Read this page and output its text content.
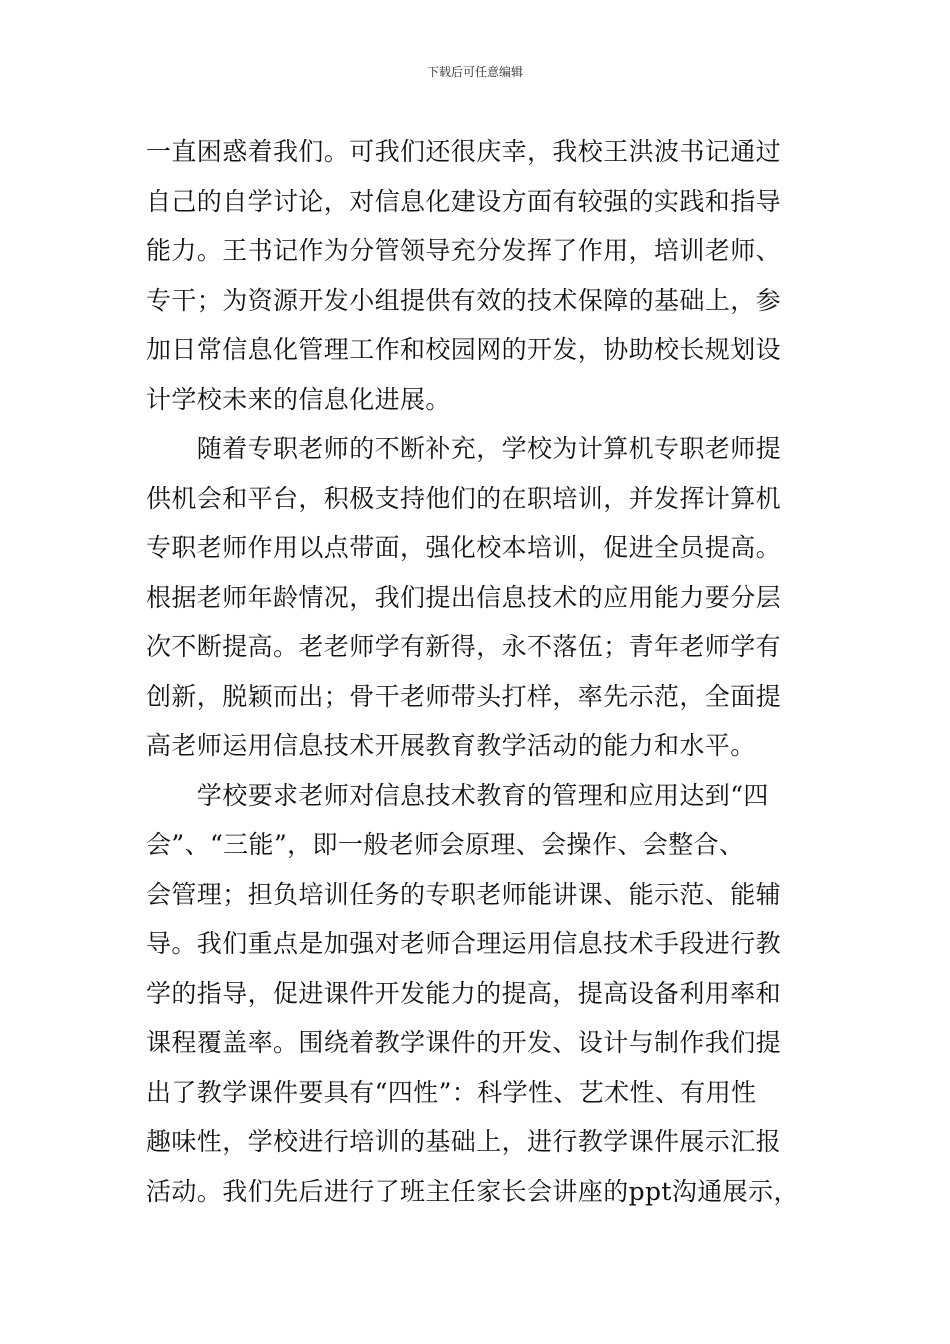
下载后可任意编辑
一直困惑着我们。可我们还很庆幸，我校王洪波书记通过
自己的自学讨论，对信息化建设方面有较强的实践和指导
能力。王书记作为分管领导充分发挥了作用，培训老师、
专干；为资源开发小组提供有效的技术保障的基础上，参
加日常信息化管理工作和校园网的开发，协助校长规划设
计学校未来的信息化进展。
　　随着专职老师的不断补充，学校为计算机专职老师提
供机会和平台，积极支持他们的在职培训，并发挥计算机
专职老师作用以点带面，强化校本培训，促进全员提高。
根据老师年龄情况，我们提出信息技术的应用能力要分层
次不断提高。老老师学有新得，永不落伍；青年老师学有
创新，脱颖而出；骨干老师带头打样，率先示范，全面提
高老师运用信息技术开展教育教学活动的能力和水平。
　　学校要求老师对信息技术教育的管理和应用达到“四
会”、“三能”，即一般老师会原理、会操作、会整合、
会管理；担负培训任务的专职老师能讲课、能示范、能辅
导。我们重点是加强对老师合理运用信息技术手段进行教
学的指导，促进课件开发能力的提高，提高设备利用率和
课程覆盖率。围绕着教学课件的开发、设计与制作我们提
出了教学课件要具有“四性”：科学性、艺术性、有用性
趣味性，学校进行培训的基础上，进行教学课件展示汇报
活动。我们先后进行了班主任家长会讲座的ppt沟通展示，
